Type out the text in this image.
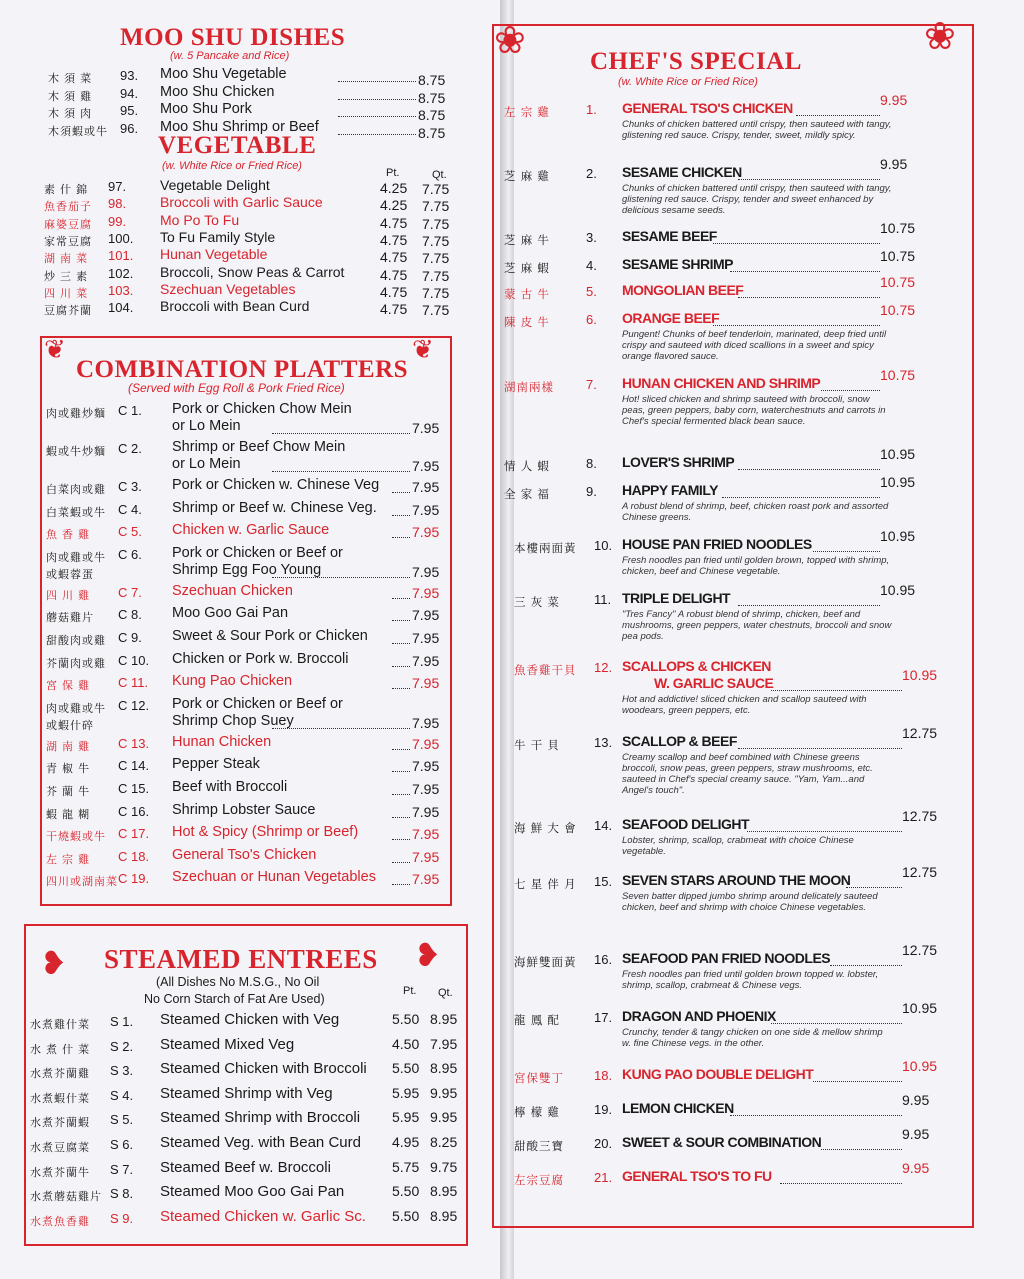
MOO SHU DISHES
(w. 5 Pancake and Rice)
木 須 菜 93. Moo Shu Vegetable	8.75
木 須 雞 94. Moo Shu Chicken	8.75
木 須 肉 95. Moo Shu Pork	8.75
木須蝦或牛 96. Moo Shu Shrimp or Beef	8.75
VEGETABLE
(w. White Rice or Fried Rice)
Pt.	Qt.
素 什 錦 97. Vegetable Delight	4.25 7.75
魚香茄子 98. Broccoli with Garlic Sauce	4.25 7.75
麻婆豆腐 99. Mo Po To Fu	4.75 7.75
家常豆腐 100. To Fu Family Style	4.75 7.75
湖 南 菜 101. Hunan Vegetable	4.75 7.75
炒 三 素 102. Broccoli, Snow Peas & Carrot	4.75 7.75
四 川 菜 103. Szechuan Vegetables	4.75 7.75
豆腐芥蘭 104. Broccoli with Bean Curd	4.75 7.75
❦	❦
COMBINATION PLATTERS
(Served with Egg Roll & Pork Fried Rice)
肉或雞炒麵 C 1. Pork or Chicken Chow Mein
or Lo Mein	7.95
蝦或牛炒麵 C 2. Shrimp or Beef Chow Mein
or Lo Mein	7.95
白菜肉或雞 C 3. Pork or Chicken w. Chinese Veg 7.95
白菜蝦或牛 C 4. Shrimp or Beef w. Chinese Veg.	7.95
魚 香 雞 C 5. Chicken w. Garlic Sauce	7.95
肉或雞或牛
或蝦蓉蛋
C 6. Pork or Chicken or Beef or
Shrimp Egg Foo Young	7.95
四 川 雞 C 7. Szechuan Chicken	7.95
蘑菇雞片 C 8. Moo Goo Gai Pan	7.95
甜酸肉或雞 C 9. Sweet & Sour Pork or Chicken	7.95
芥蘭肉或雞 C 10. Chicken or Pork w. Broccoli	7.95
宮 保 雞 C 11. Kung Pao Chicken	7.95
肉或雞或牛
或蝦什碎
C 12. Pork or Chicken or Beef or
Shrimp Chop Suey	7.95
湖 南 雞 C 13. Hunan Chicken	7.95
青 椒 牛 C 14. Pepper Steak	7.95
芥 蘭 牛 C 15. Beef with Broccoli	7.95
蝦 龍 糊 C 16. Shrimp Lobster Sauce	7.95
干燒蝦或牛 C 17. Hot & Spicy (Shrimp or Beef)	7.95
左 宗 雞 C 18. General Tso's Chicken	7.95
四川或湖南菜 C 19. Szechuan or Hunan Vegetables	7.95
❥	❥
STEAMED ENTREES
(All Dishes No M.S.G., No Oil
No Corn Starch of Fat Are Used)
Pt. Qt.
水煮雞什菜 S 1. Steamed Chicken with Veg	5.50 8.95
水 煮 什 菜 S 2. Steamed Mixed Veg	4.50 7.95
水煮芥蘭雞 S 3. Steamed Chicken with Broccoli 5.50 8.95
水煮蝦什菜 S 4. Steamed Shrimp with Veg	5.95 9.95
水煮芥蘭蝦 S 5. Steamed Shrimp with Broccoli 5.95 9.95
水煮豆腐菜 S 6. Steamed Veg. with Bean Curd 4.95 8.25
水煮芥蘭牛 S 7. Steamed Beef w. Broccoli	5.75 9.75
水煮蘑菇雞片 S 8. Steamed Moo Goo Gai Pan	5.50 8.95
水煮魚香雞 S 9. Steamed Chicken w. Garlic Sc. 5.50 8.95
❀	❀
CHEF'S SPECIAL
(w. White Rice or Fried Rice)
左 宗 雞	1. GENERAL TSO'S CHICKEN	9.95
Chunks of chicken battered until crispy, then sauteed with tangy, glistening red sauce. Crispy, tender, sweet, mildly spicy.
芝 麻 雞	2. SESAME CHICKEN	9.95
Chunks of chicken battered until crispy, then sauteed with tangy, glistening red sauce. Crispy, tender and sweet enhanced by delicious sesame seeds.
芝 麻 牛	3. SESAME BEEF	10.75
芝 麻 蝦	4. SESAME SHRIMP	10.75
蒙 古 牛	5. MONGOLIAN BEEF	10.75
陳 皮 牛	6. ORANGE BEEF	10.75
Pungent! Chunks of beef tenderloin, marinated, deep fried until crispy and sauteed with diced scallions in a sweet and spicy orange flavored sauce.
湖南兩樣 7. HUNAN CHICKEN AND SHRIMP	10.75
Hot! sliced chicken and shrimp sauteed with broccoli, snow peas, green peppers, baby corn, waterchestnuts and carrots in Chef's special fermented black bean sauce.
情 人 蝦	8. LOVER'S SHRIMP	10.95
全 家 福	9. HAPPY FAMILY	10.95
A robust blend of shrimp, beef, chicken roast pork and assorted Chinese greens.
本樓兩面黃 10. HOUSE PAN FRIED NOODLES	10.95
Fresh noodles pan fried until golden brown, topped with shrimp, chicken, beef and Chinese vegetable.
三 灰 菜	11. TRIPLE DELIGHT	10.95
"Tres Fancy" A robust blend of shrimp, chicken, beef and mushrooms, green peppers, water chestnuts, broccoli and snow pea pods.
魚香雞干貝 12. SCALLOPS & CHICKEN
W. GARLIC SAUCE	10.95
Hot and addictive! sliced chicken and scallop sauteed with woodears, green peppers, etc.
牛 干 貝	13. SCALLOP & BEEF	12.75
Creamy scallop and beef combined with Chinese greens broccoli, snow peas, green peppers, straw mushrooms, etc. sauteed in Chef's special creamy sauce. "Yam, Yam...and Angel's touch".
海 鮮 大 會 14. SEAFOOD DELIGHT	12.75
Lobster, shrimp, scallop, crabmeat with choice Chinese vegetable.
七 星 伴 月 15. SEVEN STARS AROUND THE MOON	12.75
Seven batter dipped jumbo shrimp around delicately sauteed chicken, beef and shrimp with choice Chinese vegetables.
海鮮雙面黃 16. SEAFOOD PAN FRIED NOODLES	12.75
Fresh noodles pan fried until golden brown topped w. lobster, shrimp, scallop, crabmeat & Chinese vegs.
龍 鳳 配	17. DRAGON AND PHOENIX	10.95
Crunchy, tender & tangy chicken on one side & mellow shrimp w. fine Chinese vegs. in the other.
宮保雙丁 18. KUNG PAO DOUBLE DELIGHT	10.95
檸 檬 雞	19. LEMON CHICKEN	9.95
甜酸三寶 20. SWEET & SOUR COMBINATION	9.95
左宗豆腐 21. GENERAL TSO'S TO FU	9.95
